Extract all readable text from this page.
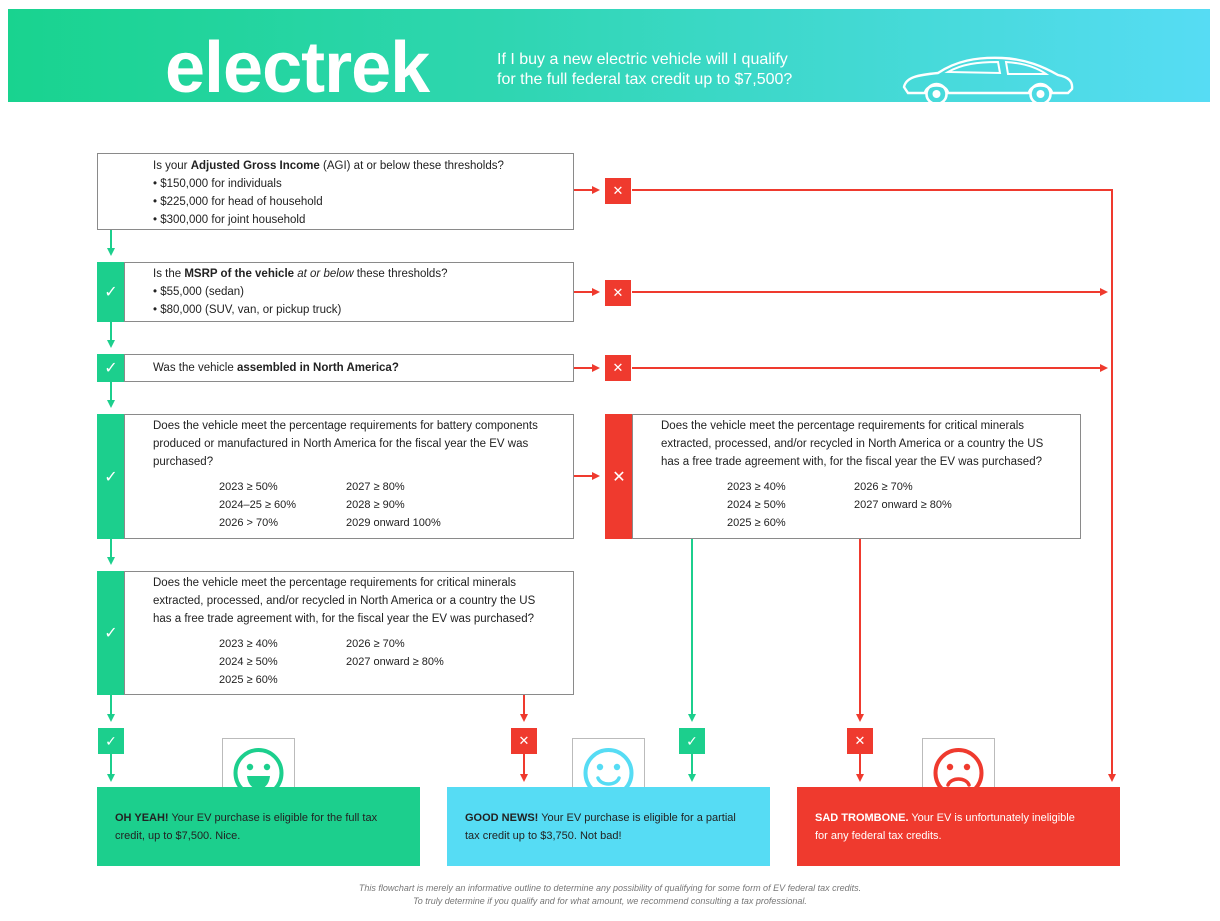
electrek	If I buy a new electric vehicle will I qualify
for the full federal tax credit up to $7,500?
Is your Adjusted Gross Income (AGI) at or below these thresholds?
• $150,000 for individuals
• $225,000 for head of household
• $300,000 for joint household
✕
✓
Is the MSRP of the vehicle at or below these thresholds?
• $55,000 (sedan)
• $80,000 (SUV, van, or pickup truck)
✕
✓	Was the vehicle assembled in North America?	✕
✓
Does the vehicle meet the percentage requirements for battery components
produced or manufactured in North America for the fiscal year the EV was
purchased?
2023 ≥ 50%
2024–25 ≥ 60%
2026 > 70%
2027 ≥ 80%
2028 ≥ 90%
2029 onward 100%
✕
Does the vehicle meet the percentage requirements for critical minerals
extracted, processed, and/or recycled in North America or a country the US
has a free trade agreement with, for the fiscal year the EV was purchased?
2023 ≥ 40%
2024 ≥ 50%
2025 ≥ 60%
2026 ≥ 70%
2027 onward ≥ 80%
✓
Does the vehicle meet the percentage requirements for critical minerals
extracted, processed, and/or recycled in North America or a country the US
has a free trade agreement with, for the fiscal year the EV was purchased?
2023 ≥ 40%
2024 ≥ 50%
2025 ≥ 60%
2026 ≥ 70%
2027 onward ≥ 80%
✓	✕	✓	✕
OH YEAH! Your EV purchase is eligible for the full tax
credit, up to $7,500. Nice.
GOOD NEWS! Your EV purchase is eligible for a partial
tax credit up to $3,750. Not bad!
SAD TROMBONE. Your EV is unfortunately ineligible
for any federal tax credits.
This flowchart is merely an informative outline to determine any possibility of qualifying for some form of EV federal tax credits.
To truly determine if you qualify and for what amount, we recommend consulting a tax professional.
